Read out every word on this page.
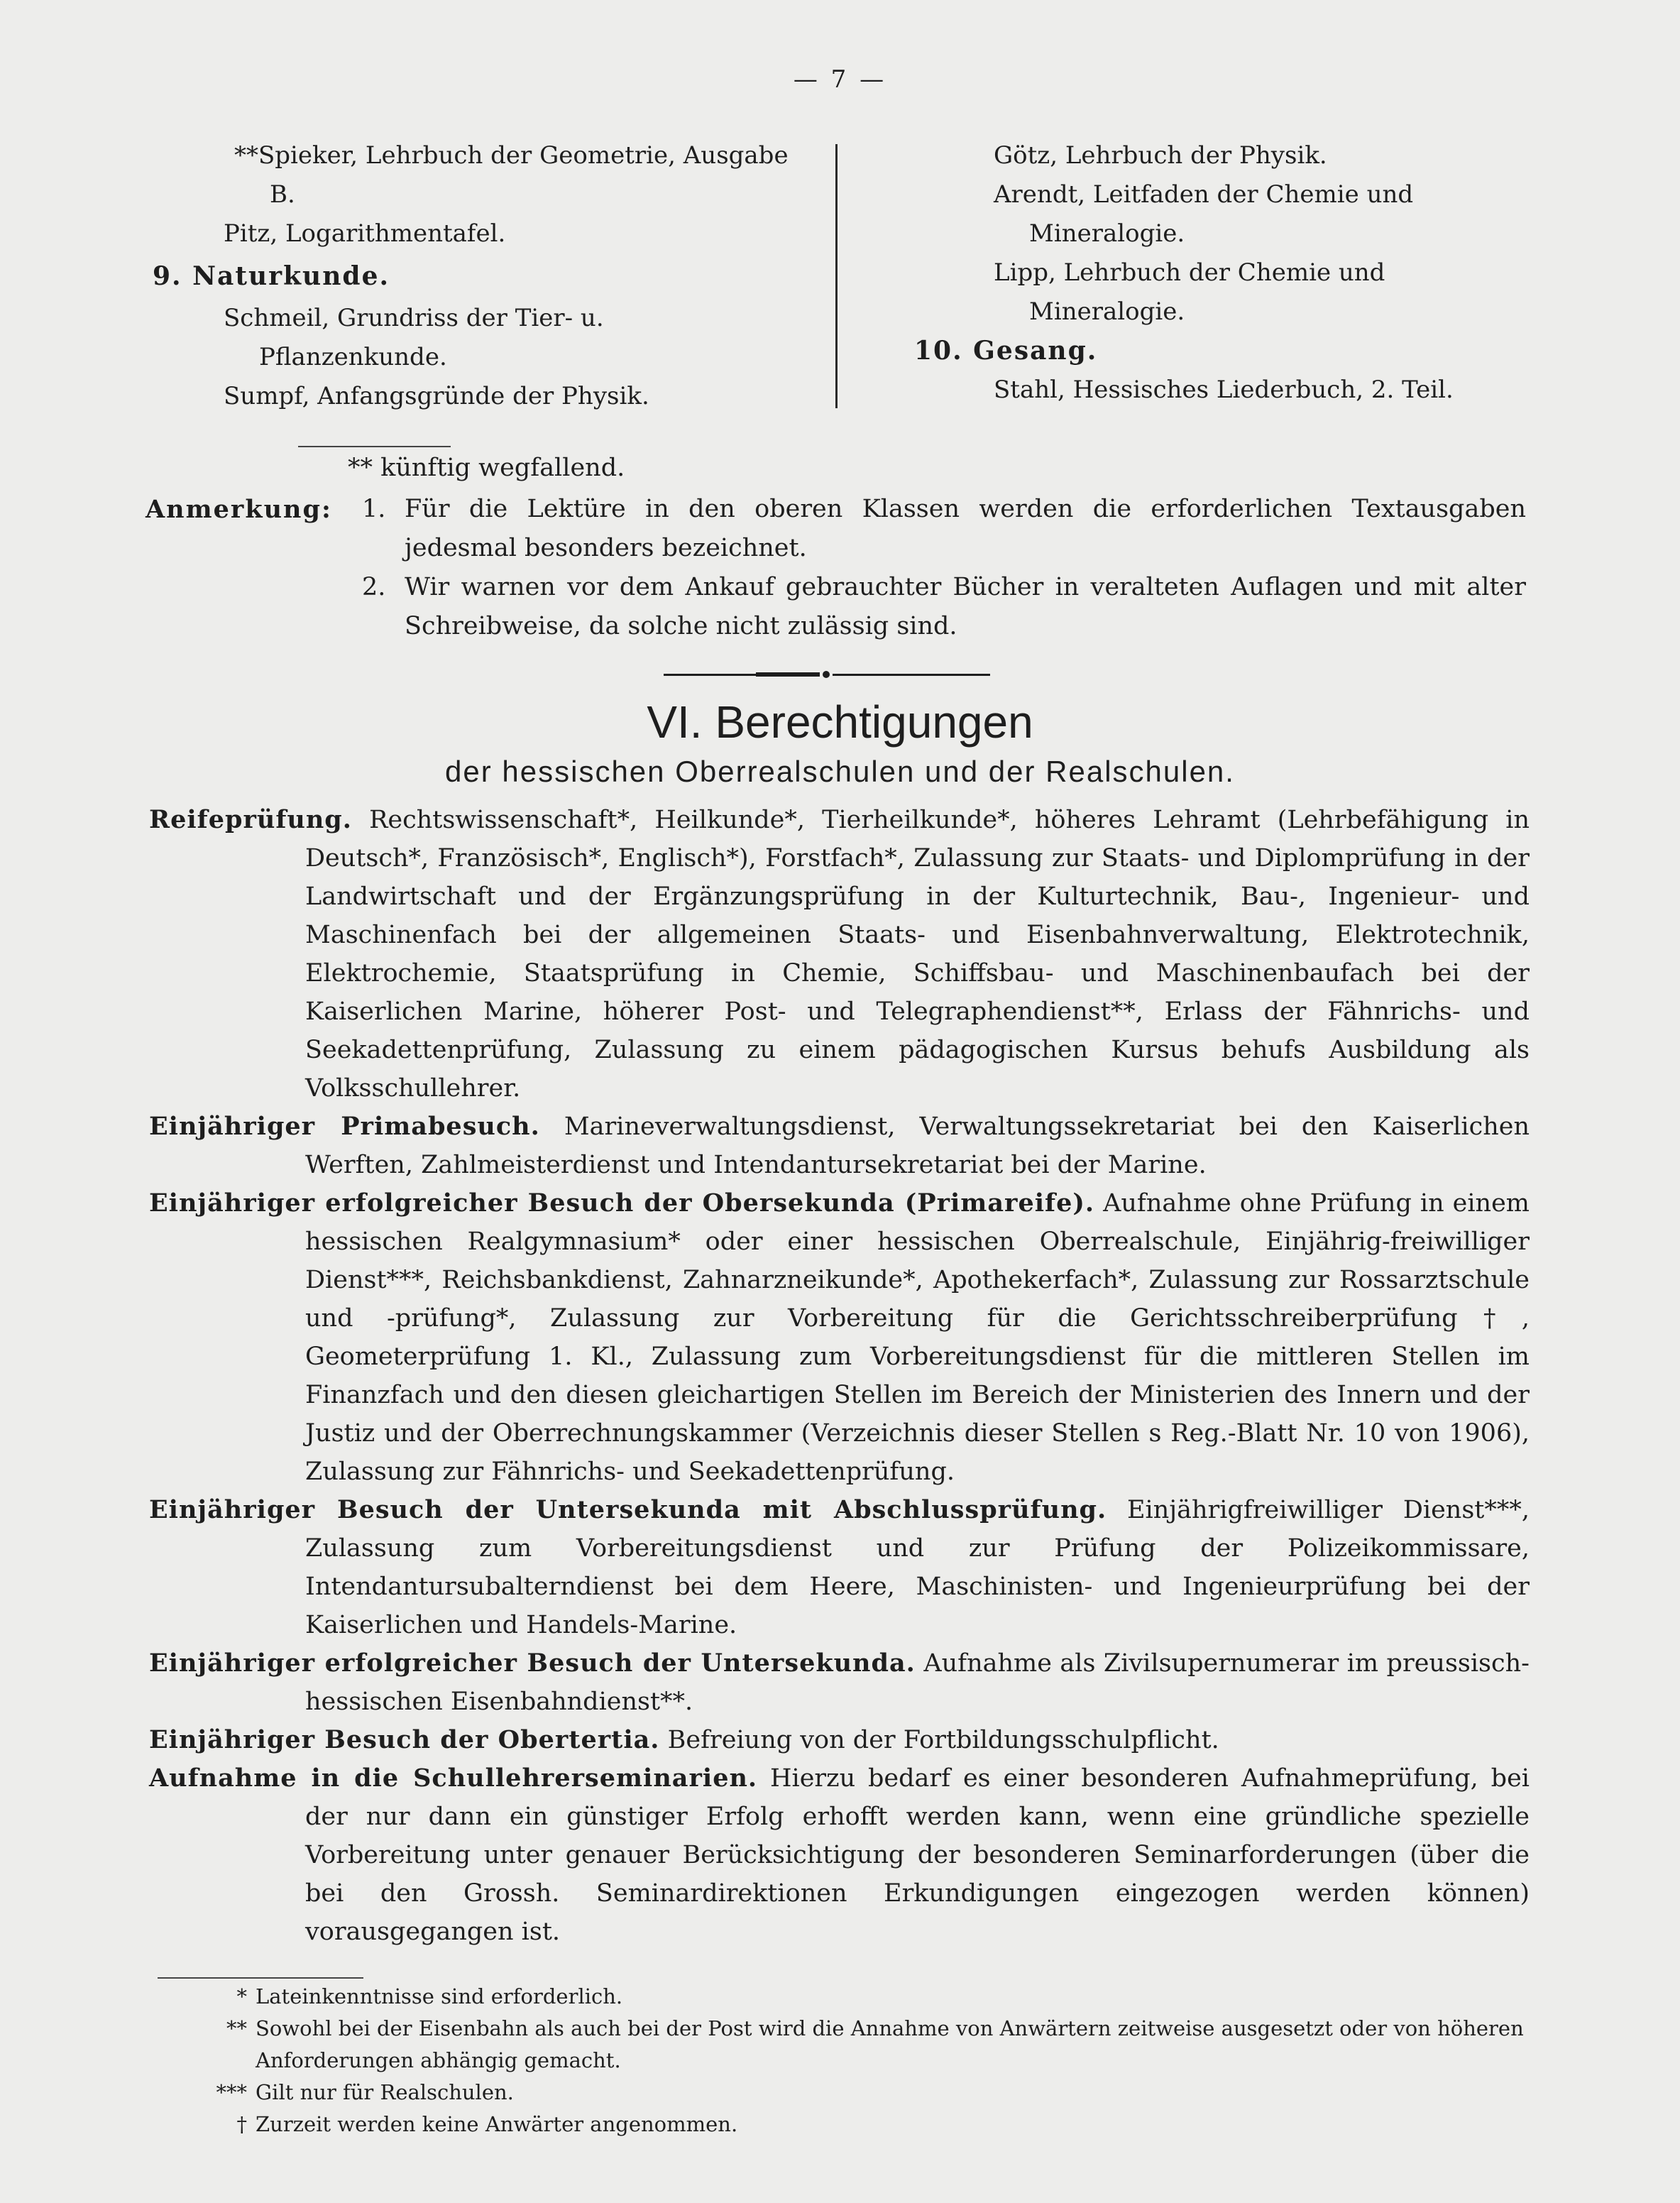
— 7 —
**Spieker, Lehrbuch der Geometrie, Ausgabe B.
Pitz, Logarithmentafel.
9. Naturkunde.
Schmeil, Grundriss der Tier- u. Pflanzenkunde.
Sumpf, Anfangsgründe der Physik.
Götz, Lehrbuch der Physik.
Arendt, Leitfaden der Chemie und Mineralogie.
Lipp, Lehrbuch der Chemie und Mineralogie.
10. Gesang.
Stahl, Hessisches Liederbuch, 2. Teil.
** künftig wegfallend.
Anmerkung: 1. Für die Lektüre in den oberen Klassen werden die erforderlichen Textausgaben jedesmal besonders bezeichnet.
2. Wir warnen vor dem Ankauf gebrauchter Bücher in veralteten Auflagen und mit alter Schreibweise, da solche nicht zulässig sind.
VI. Berechtigungen
der hessischen Oberrealschulen und der Realschulen.
Reifeprüfung. Rechtswissenschaft*, Heilkunde*, Tierheilkunde*, höheres Lehramt (Lehrbefähigung in Deutsch*, Französisch*, Englisch*), Forstfach*, Zulassung zur Staats- und Diplomprüfung in der Landwirtschaft und der Ergänzungsprüfung in der Kulturtechnik, Bau-, Ingenieur- und Maschinenfach bei der allgemeinen Staats- und Eisenbahnverwaltung, Elektrotechnik, Elektrochemie, Staatsprüfung in Chemie, Schiffsbau- und Maschinenbaufach bei der Kaiserlichen Marine, höherer Post- und Telegraphendienst**, Erlass der Fähnrichs- und Seekadettenprüfung, Zulassung zu einem pädagogischen Kursus behufs Ausbildung als Volksschullehrer.
Einjähriger Primabesuch. Marineverwaltungsdienst, Verwaltungssekretariat bei den Kaiserlichen Werften, Zahlmeisterdienst und Intendantursekretariat bei der Marine.
Einjähriger erfolgreicher Besuch der Obersekunda (Primareife). Aufnahme ohne Prüfung in einem hessischen Realgymnasium* oder einer hessischen Oberrealschule, Einjährig-freiwilliger Dienst***, Reichsbankdienst, Zahnarzneikunde*, Apothekerfach*, Zulassung zur Rossarztschule und -prüfung*, Zulassung zur Vorbereitung für die Gerichtsschreiberprüfung†, Geometerprüfung 1. Kl., Zulassung zum Vorbereitungsdienst für die mittleren Stellen im Finanzfach und den diesen gleichartigen Stellen im Bereich der Ministerien des Innern und der Justiz und der Oberrechnungskammer (Verzeichnis dieser Stellen s Reg.-Blatt Nr. 10 von 1906), Zulassung zur Fähnrichs- und Seekadettenprüfung.
Einjähriger Besuch der Untersekunda mit Abschlussprüfung. Einjährigfreiwilliger Dienst***, Zulassung zum Vorbereitungsdienst und zur Prüfung der Polizeikommissare, Intendantursubalterndienst bei dem Heere, Maschinisten- und Ingenieurprüfung bei der Kaiserlichen und Handels-Marine.
Einjähriger erfolgreicher Besuch der Untersekunda. Aufnahme als Zivilsupernumerar im preussisch-hessischen Eisenbahndienst**.
Einjähriger Besuch der Obertertia. Befreiung von der Fortbildungsschulpflicht.
Aufnahme in die Schullehrerseminarien. Hierzu bedarf es einer besonderen Aufnahmeprüfung, bei der nur dann ein günstiger Erfolg erhofft werden kann, wenn eine gründliche spezielle Vorbereitung unter genauer Berücksichtigung der besonderen Seminarforderungen (über die bei den Grossh. Seminardirektionen Erkundigungen eingezogen werden können) vorausgegangen ist.
* Lateinkenntnisse sind erforderlich.
** Sowohl bei der Eisenbahn als auch bei der Post wird die Annahme von Anwärtern zeitweise ausgesetzt oder von höheren Anforderungen abhängig gemacht.
*** Gilt nur für Realschulen.
† Zurzeit werden keine Anwärter angenommen.
